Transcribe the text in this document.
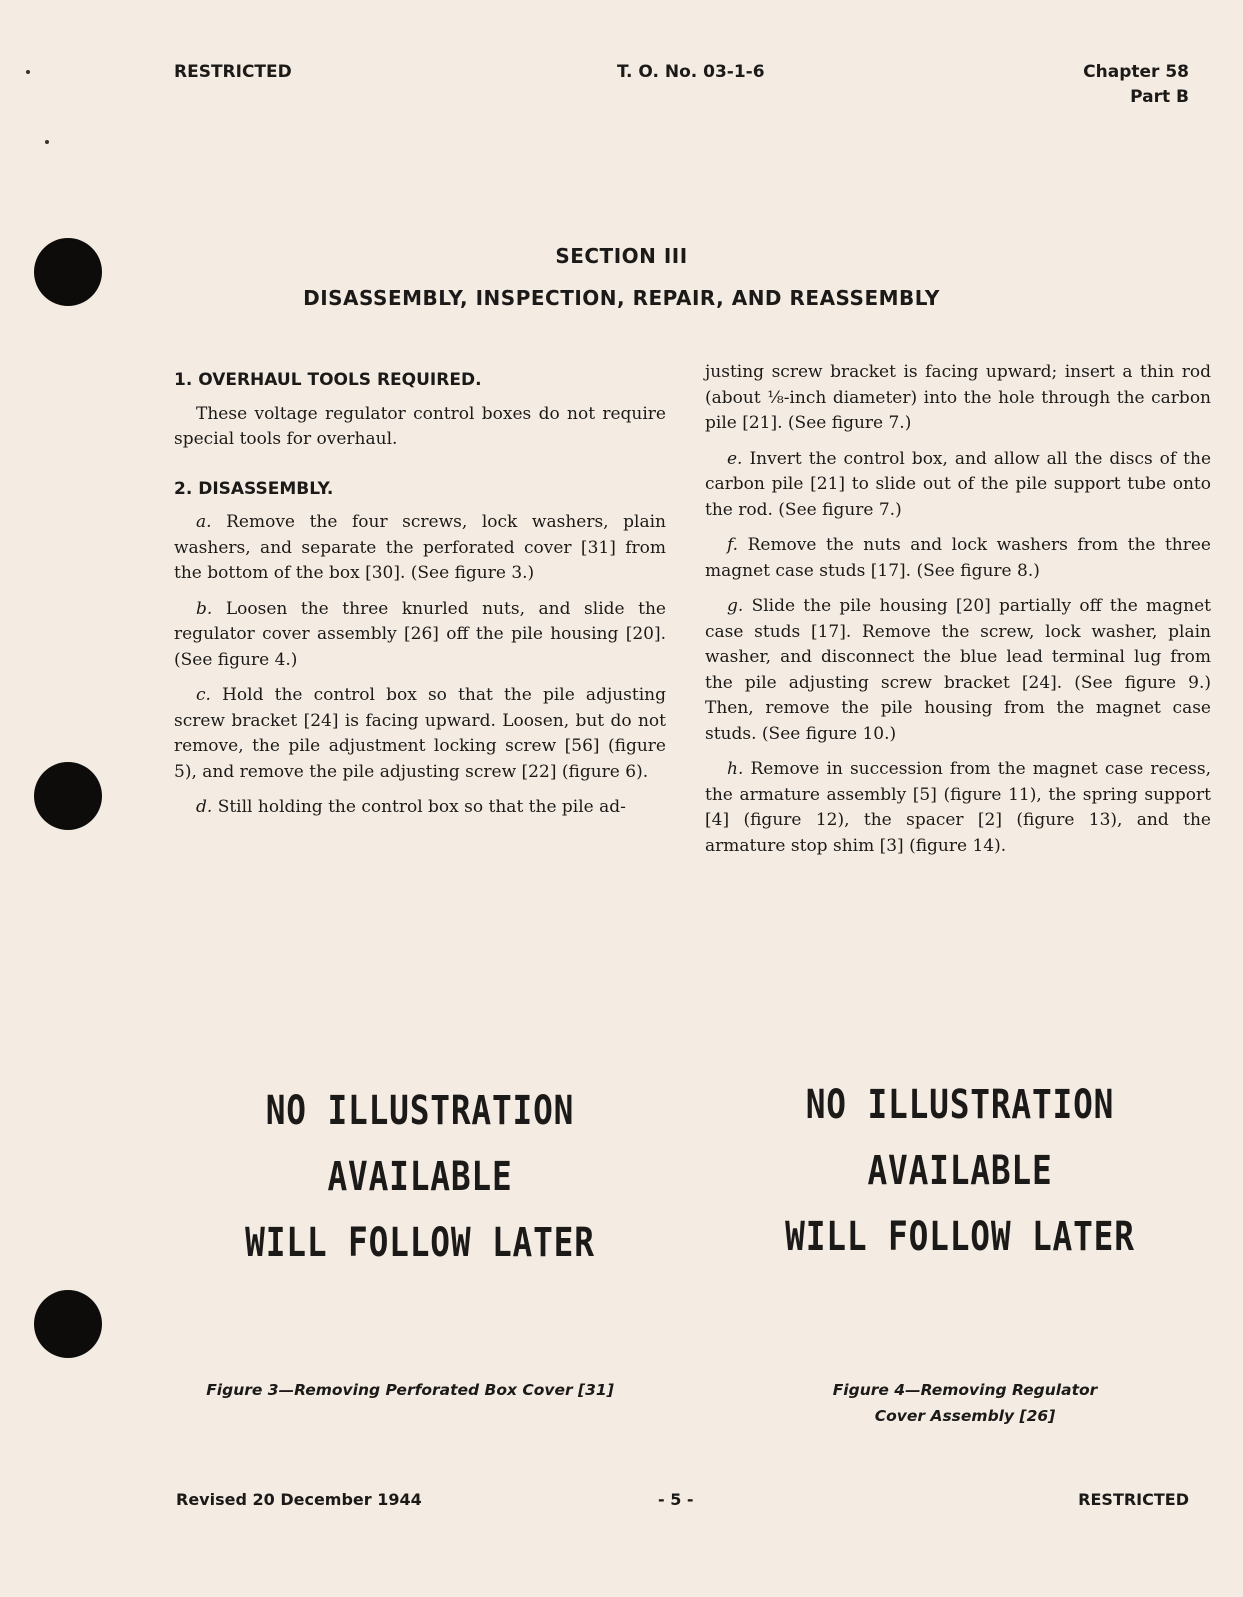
RESTRICTED	T. O. No. 03-1-6	Chapter 58
Part B
SECTION III
DISASSEMBLY, INSPECTION, REPAIR, AND REASSEMBLY
1. OVERHAUL TOOLS REQUIRED.

These voltage regulator control boxes do not require special tools for overhaul.

2. DISASSEMBLY.

a. Remove the four screws, lock washers, plain washers, and separate the perforated cover [31] from the bottom of the box [30]. (See figure 3.)

b. Loosen the three knurled nuts, and slide the regulator cover assembly [26] off the pile housing [20]. (See figure 4.)

c. Hold the control box so that the pile adjusting screw bracket [24] is facing upward. Loosen, but do not remove, the pile adjustment locking screw [56] (figure 5), and remove the pile adjusting screw [22] (figure 6).

d. Still holding the control box so that the pile ad-

justing screw bracket is facing upward; insert a thin rod (about ⅛-inch diameter) into the hole through the carbon pile [21]. (See figure 7.)

e. Invert the control box, and allow all the discs of the carbon pile [21] to slide out of the pile support tube onto the rod. (See figure 7.)

f. Remove the nuts and lock washers from the three magnet case studs [17]. (See figure 8.)

g. Slide the pile housing [20] partially off the magnet case studs [17]. Remove the screw, lock washer, plain washer, and disconnect the blue lead terminal lug from the pile adjusting screw bracket [24]. (See figure 9.) Then, remove the pile housing from the magnet case studs. (See figure 10.)

h. Remove in succession from the magnet case recess, the armature assembly [5] (figure 11), the spring support [4] (figure 12), the spacer [2] (figure 13), and the armature stop shim [3] (figure 14).

NO ILLUSTRATION AVAILABLE
WILL FOLLOW LATER
NO ILLUSTRATION AVAILABLE
WILL FOLLOW LATER
Figure 3—Removing Perforated Box Cover [31]	Figure 4—Removing Regulator
Cover Assembly [26]
Revised 20 December 1944	- 5 -	RESTRICTED
